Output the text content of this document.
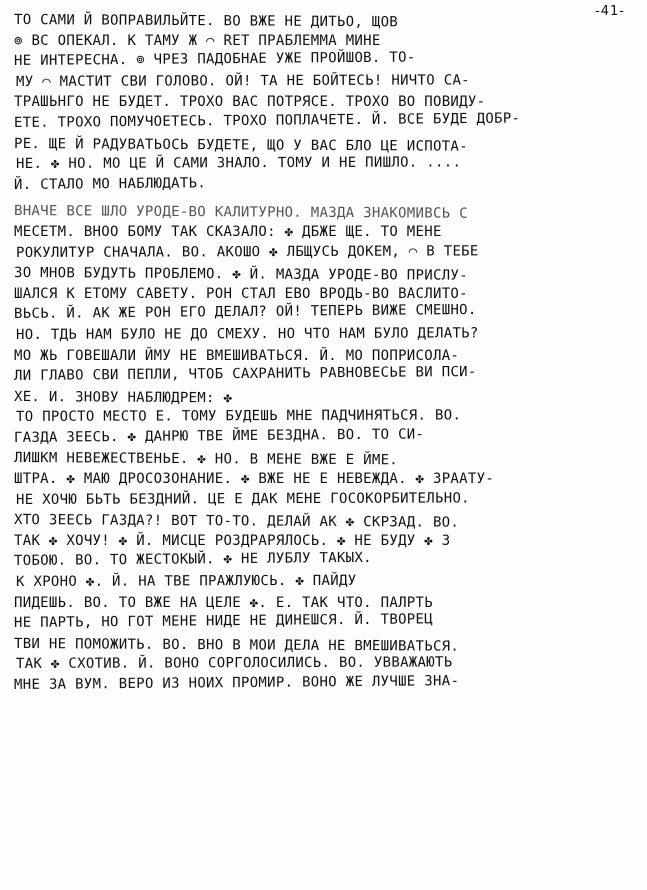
-41-
ТО САМИ Й ВОПРАВИЛЬЙТЕ. ВО ВЖЕ НЕ ДИТЬО, ЩОВ
⊚ ВС ОПЕКАЛ. К ТАМУ Ж ⌒ RET ПPАБЛЕММА МИНЕ
НЕ ИНТЕРЕСНА. ⊚ ЧРЕЗ ПАДОБНАЕ УЖЕ ПРОЙШОВ. ТО-
МУ ⌒ МАСТИТ СВИ ГОЛОВО. ОЙ! ТА НЕ БОЙТЕСЬ! НИЧТО СА-
ТРАШЬНГО НЕ БУДЕТ. ТРОХО ВАС ПОТРЯСЕ. ТРОХО ВО ПОВИДУ-
ЕТЕ. ТРОХО ПОМУЧОЕТЕСЬ. ТРОХО ПОПЛАЧЕТЕ. Й. ВСЕ БУДЕ ДОБР-
РЕ. ЩЕ Й РАДУВАТЬОСЬ БУДЕТЕ, ЩО У ВАС БЛО ЦЕ ИСПОТА-
НЕ. ✤ НО. МО ЦЕ Й САМИ ЗНАЛО. ТОМУ И НЕ ПИШЛО. ....
Й. СТАЛО МО НАБЛЮДАТЬ.
ВНАЧЕ ВСЕ ШЛО УРОДЕ-ВО КАЛИТУРНО. МАЗДА ЗНАКОМИВСЬ С
МЕСЕТМ. ВНОО БОМУ ТАК СКАЗАЛО: ✤ ДБЖЕ ЩЕ. ТО МЕНЕ
РОКУЛИТУР СНАЧАЛА. ВО. АКОШО ✤ ЛБЩУСЬ ДОКЕМ, ⌒ В ТЕБЕ
ЗО МНОВ БУДУТЬ ПРОБЛЕМО. ✤ Й. МАЗДА УРОДЕ-ВО ПРИСЛУ-
ШАЛСЯ К ЕТОМУ САВЕТУ. РОН СТАЛ ЕВО ВРОДЬ-ВО ВАСЛИТО-
ВЬСЬ. Й. АК ЖЕ РОН ЕГО ДЕЛАЛ? ОЙ! ТЕПЕРЬ ВИЖЕ СМЕШНО.
НО. ТДЬ НАМ БУЛО НЕ ДО СМЕХУ. НО ЧТО НАМ БУЛО ДЕЛАТЬ?
МО ЖЬ ГОВЕШАЛИ ЙМУ НЕ ВМЕШИВАТЬСЯ. Й. МО ПОПРИСОЛА-
ЛИ ГЛАВО СВИ ПЕПЛИ, ЧТОБ САХРАНИТЬ РАВНОВЕСЬЕ ВИ ПСИ-
ХЕ. И. ЗНОВУ НАБЛЮДРЕМ: ✤
ТО ПРОСТО МЕСТО Е. ТОМУ БУДЕШЬ МНЕ ПАДЧИНЯТЬСЯ. ВО.
ГАЗДА ЗЕЕСЬ. ✤ ДАНРЮ ТВЕ ЙМЕ БЕЗДНА. ВО. ТО СИ-
ЛИШКМ НЕВЕЖЕСТВЕНЬЕ. ✤ НО. В МЕНЕ ВЖЕ Е ЙМЕ.
ШТРА. ✤ МАЮ ДРОСОЗОНАНИЕ. ✤ ВЖЕ НЕ Е НЕВЕЖДА. ✤ ЗРААТУ-
НЕ ХОЧЮ БЬТЬ БЕЗДНИЙ. ЦЕ Е ДАК МЕНЕ ГОСОКОРБИТЕЛЬНО.
ХТО ЗЕЕСЬ ГАЗДА?! ВОТ ТО-ТО. ДЕЛАЙ АК ✤ СКРЗАД. ВО.
ТАК ✤ ХОЧУ! ✤ Й. МИСЦЕ РОЗДРАРЯЛОСЬ. ✤ НЕ БУДУ ✤ З
ТОБОЮ. ВО. ТО ЖЕСТОКЫЙ. ✤ НЕ ЛУБЛУ ТАКЫХ.
К ХРОНО ✤. Й. НА ТВЕ ПРАЖЛУЮСЬ. ✤ ПАЙДУ
ПИДЕШЬ. ВО. ТО ВЖЕ НА ЦЕЛЕ ✤. Е. ТАК ЧТО. ПАЛРТЬ
НЕ ПАРТЬ, НО ГОТ МЕНЕ НИДЕ НЕ ДИНЕШСЯ. Й. ТВОРЕЦ
ТВИ НЕ ПОМОЖИТЬ. ВО. ВНО В МОИ ДЕЛА НЕ ВМЕШИВАТЬСЯ.
ТАК ✤ СХОТИВ. Й. ВОНО СОРГОЛОСИЛИСЬ. ВО. УВВАЖАЮТЬ
МНЕ ЗА ВУМ. ВЕРО ИЗ НОИХ ПРОМИР. ВОНО ЖЕ ЛУЧШЕ ЗНА-
